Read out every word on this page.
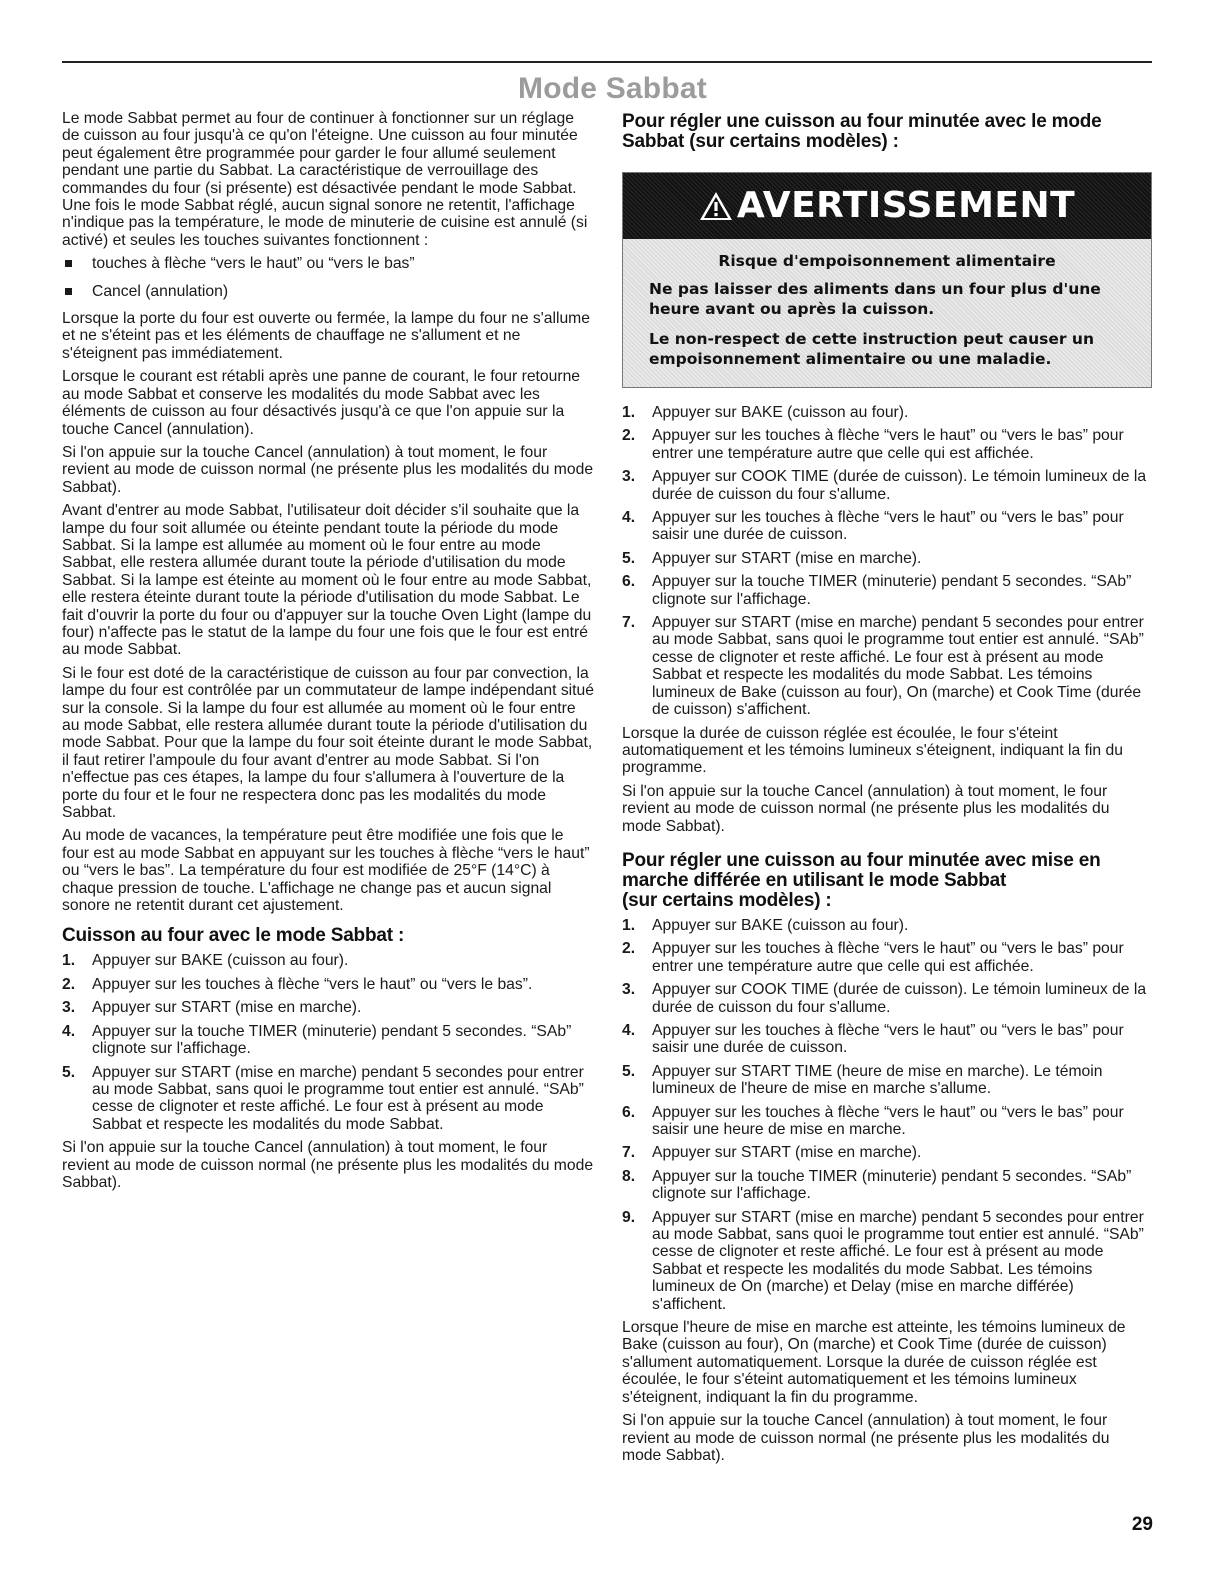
Mode Sabbat

Le mode Sabbat permet au four de continuer à fonctionner sur un réglage de cuisson au four jusqu'à ce qu'on l'éteigne. Une cuisson au four minutée peut également être programmée pour garder le four allumé seulement pendant une partie du Sabbat. La caractéristique de verrouillage des commandes du four (si présente) est désactivée pendant le mode Sabbat. Une fois le mode Sabbat réglé, aucun signal sonore ne retentit, l'affichage n'indique pas la température, le mode de minuterie de cuisine est annulé (si activé) et seules les touches suivantes fonctionnent :

touches à flèche “vers le haut” ou “vers le bas”
Cancel (annulation)

Lorsque la porte du four est ouverte ou fermée, la lampe du four ne s'allume et ne s'éteint pas et les éléments de chauffage ne s'allument et ne s'éteignent pas immédiatement.

Lorsque le courant est rétabli après une panne de courant, le four retourne au mode Sabbat et conserve les modalités du mode Sabbat avec les éléments de cuisson au four désactivés jusqu'à ce que l'on appuie sur la touche Cancel (annulation).

Si l'on appuie sur la touche Cancel (annulation) à tout moment, le four revient au mode de cuisson normal (ne présente plus les modalités du mode Sabbat).

Avant d'entrer au mode Sabbat, l'utilisateur doit décider s'il souhaite que la lampe du four soit allumée ou éteinte pendant toute la période du mode Sabbat. Si la lampe est allumée au moment où le four entre au mode Sabbat, elle restera allumée durant toute la période d'utilisation du mode Sabbat. Si la lampe est éteinte au moment où le four entre au mode Sabbat, elle restera éteinte durant toute la période d'utilisation du mode Sabbat. Le fait d'ouvrir la porte du four ou d'appuyer sur la touche Oven Light (lampe du four) n'affecte pas le statut de la lampe du four une fois que le four est entré au mode Sabbat.

Si le four est doté de la caractéristique de cuisson au four par convection, la lampe du four est contrôlée par un commutateur de lampe indépendant situé sur la console. Si la lampe du four est allumée au moment où le four entre au mode Sabbat, elle restera allumée durant toute la période d'utilisation du mode Sabbat. Pour que la lampe du four soit éteinte durant le mode Sabbat, il faut retirer l'ampoule du four avant d'entrer au mode Sabbat. Si l'on n'effectue pas ces étapes, la lampe du four s'allumera à l'ouverture de la porte du four et le four ne respectera donc pas les modalités du mode Sabbat.

Au mode de vacances, la température peut être modifiée une fois que le four est au mode Sabbat en appuyant sur les touches à flèche “vers le haut” ou “vers le bas”. La température du four est modifiée de 25°F (14°C) à chaque pression de touche. L'affichage ne change pas et aucun signal sonore ne retentit durant cet ajustement.

Cuisson au four avec le mode Sabbat :
1. Appuyer sur BAKE (cuisson au four).
2. Appuyer sur les touches à flèche “vers le haut” ou “vers le bas”.
3. Appuyer sur START (mise en marche).
4. Appuyer sur la touche TIMER (minuterie) pendant 5 secondes. “SAb” clignote sur l'affichage.
5. Appuyer sur START (mise en marche) pendant 5 secondes pour entrer au mode Sabbat, sans quoi le programme tout entier est annulé. “SAb” cesse de clignoter et reste affiché. Le four est à présent au mode Sabbat et respecte les modalités du mode Sabbat.

Si l'on appuie sur la touche Cancel (annulation) à tout moment, le four revient au mode de cuisson normal (ne présente plus les modalités du mode Sabbat).

Pour régler une cuisson au four minutée avec le mode Sabbat (sur certains modèles) :
AVERTISSEMENT

Risque d'empoisonnement alimentaire

Ne pas laisser des aliments dans un four plus d'une heure avant ou après la cuisson.

Le non-respect de cette instruction peut causer un empoisonnement alimentaire ou une maladie.

1. Appuyer sur BAKE (cuisson au four).
2. Appuyer sur les touches à flèche “vers le haut” ou “vers le bas” pour entrer une température autre que celle qui est affichée.
3. Appuyer sur COOK TIME (durée de cuisson). Le témoin lumineux de la durée de cuisson du four s'allume.
4. Appuyer sur les touches à flèche “vers le haut” ou “vers le bas” pour saisir une durée de cuisson.
5. Appuyer sur START (mise en marche).
6. Appuyer sur la touche TIMER (minuterie) pendant 5 secondes. “SAb” clignote sur l'affichage.
7. Appuyer sur START (mise en marche) pendant 5 secondes pour entrer au mode Sabbat, sans quoi le programme tout entier est annulé. “SAb” cesse de clignoter et reste affiché. Le four est à présent au mode Sabbat et respecte les modalités du mode Sabbat. Les témoins lumineux de Bake (cuisson au four), On (marche) et Cook Time (durée de cuisson) s'affichent.

Lorsque la durée de cuisson réglée est écoulée, le four s'éteint automatiquement et les témoins lumineux s'éteignent, indiquant la fin du programme.

Si l'on appuie sur la touche Cancel (annulation) à tout moment, le four revient au mode de cuisson normal (ne présente plus les modalités du mode Sabbat).

Pour régler une cuisson au four minutée avec mise en marche différée en utilisant le mode Sabbat
(sur certains modèles) :
1. Appuyer sur BAKE (cuisson au four).
2. Appuyer sur les touches à flèche “vers le haut” ou “vers le bas” pour entrer une température autre que celle qui est affichée.
3. Appuyer sur COOK TIME (durée de cuisson). Le témoin lumineux de la durée de cuisson du four s'allume.
4. Appuyer sur les touches à flèche “vers le haut” ou “vers le bas” pour saisir une durée de cuisson.
5. Appuyer sur START TIME (heure de mise en marche). Le témoin lumineux de l'heure de mise en marche s'allume.
6. Appuyer sur les touches à flèche “vers le haut” ou “vers le bas” pour saisir une heure de mise en marche.
7. Appuyer sur START (mise en marche).
8. Appuyer sur la touche TIMER (minuterie) pendant 5 secondes. “SAb” clignote sur l'affichage.
9. Appuyer sur START (mise en marche) pendant 5 secondes pour entrer au mode Sabbat, sans quoi le programme tout entier est annulé. “SAb” cesse de clignoter et reste affiché. Le four est à présent au mode Sabbat et respecte les modalités du mode Sabbat. Les témoins lumineux de On (marche) et Delay (mise en marche différée) s'affichent.

Lorsque l'heure de mise en marche est atteinte, les témoins lumineux de Bake (cuisson au four), On (marche) et Cook Time (durée de cuisson) s'allument automatiquement. Lorsque la durée de cuisson réglée est écoulée, le four s'éteint automatiquement et les témoins lumineux s'éteignent, indiquant la fin du programme.

Si l'on appuie sur la touche Cancel (annulation) à tout moment, le four revient au mode de cuisson normal (ne présente plus les modalités du mode Sabbat).

29
